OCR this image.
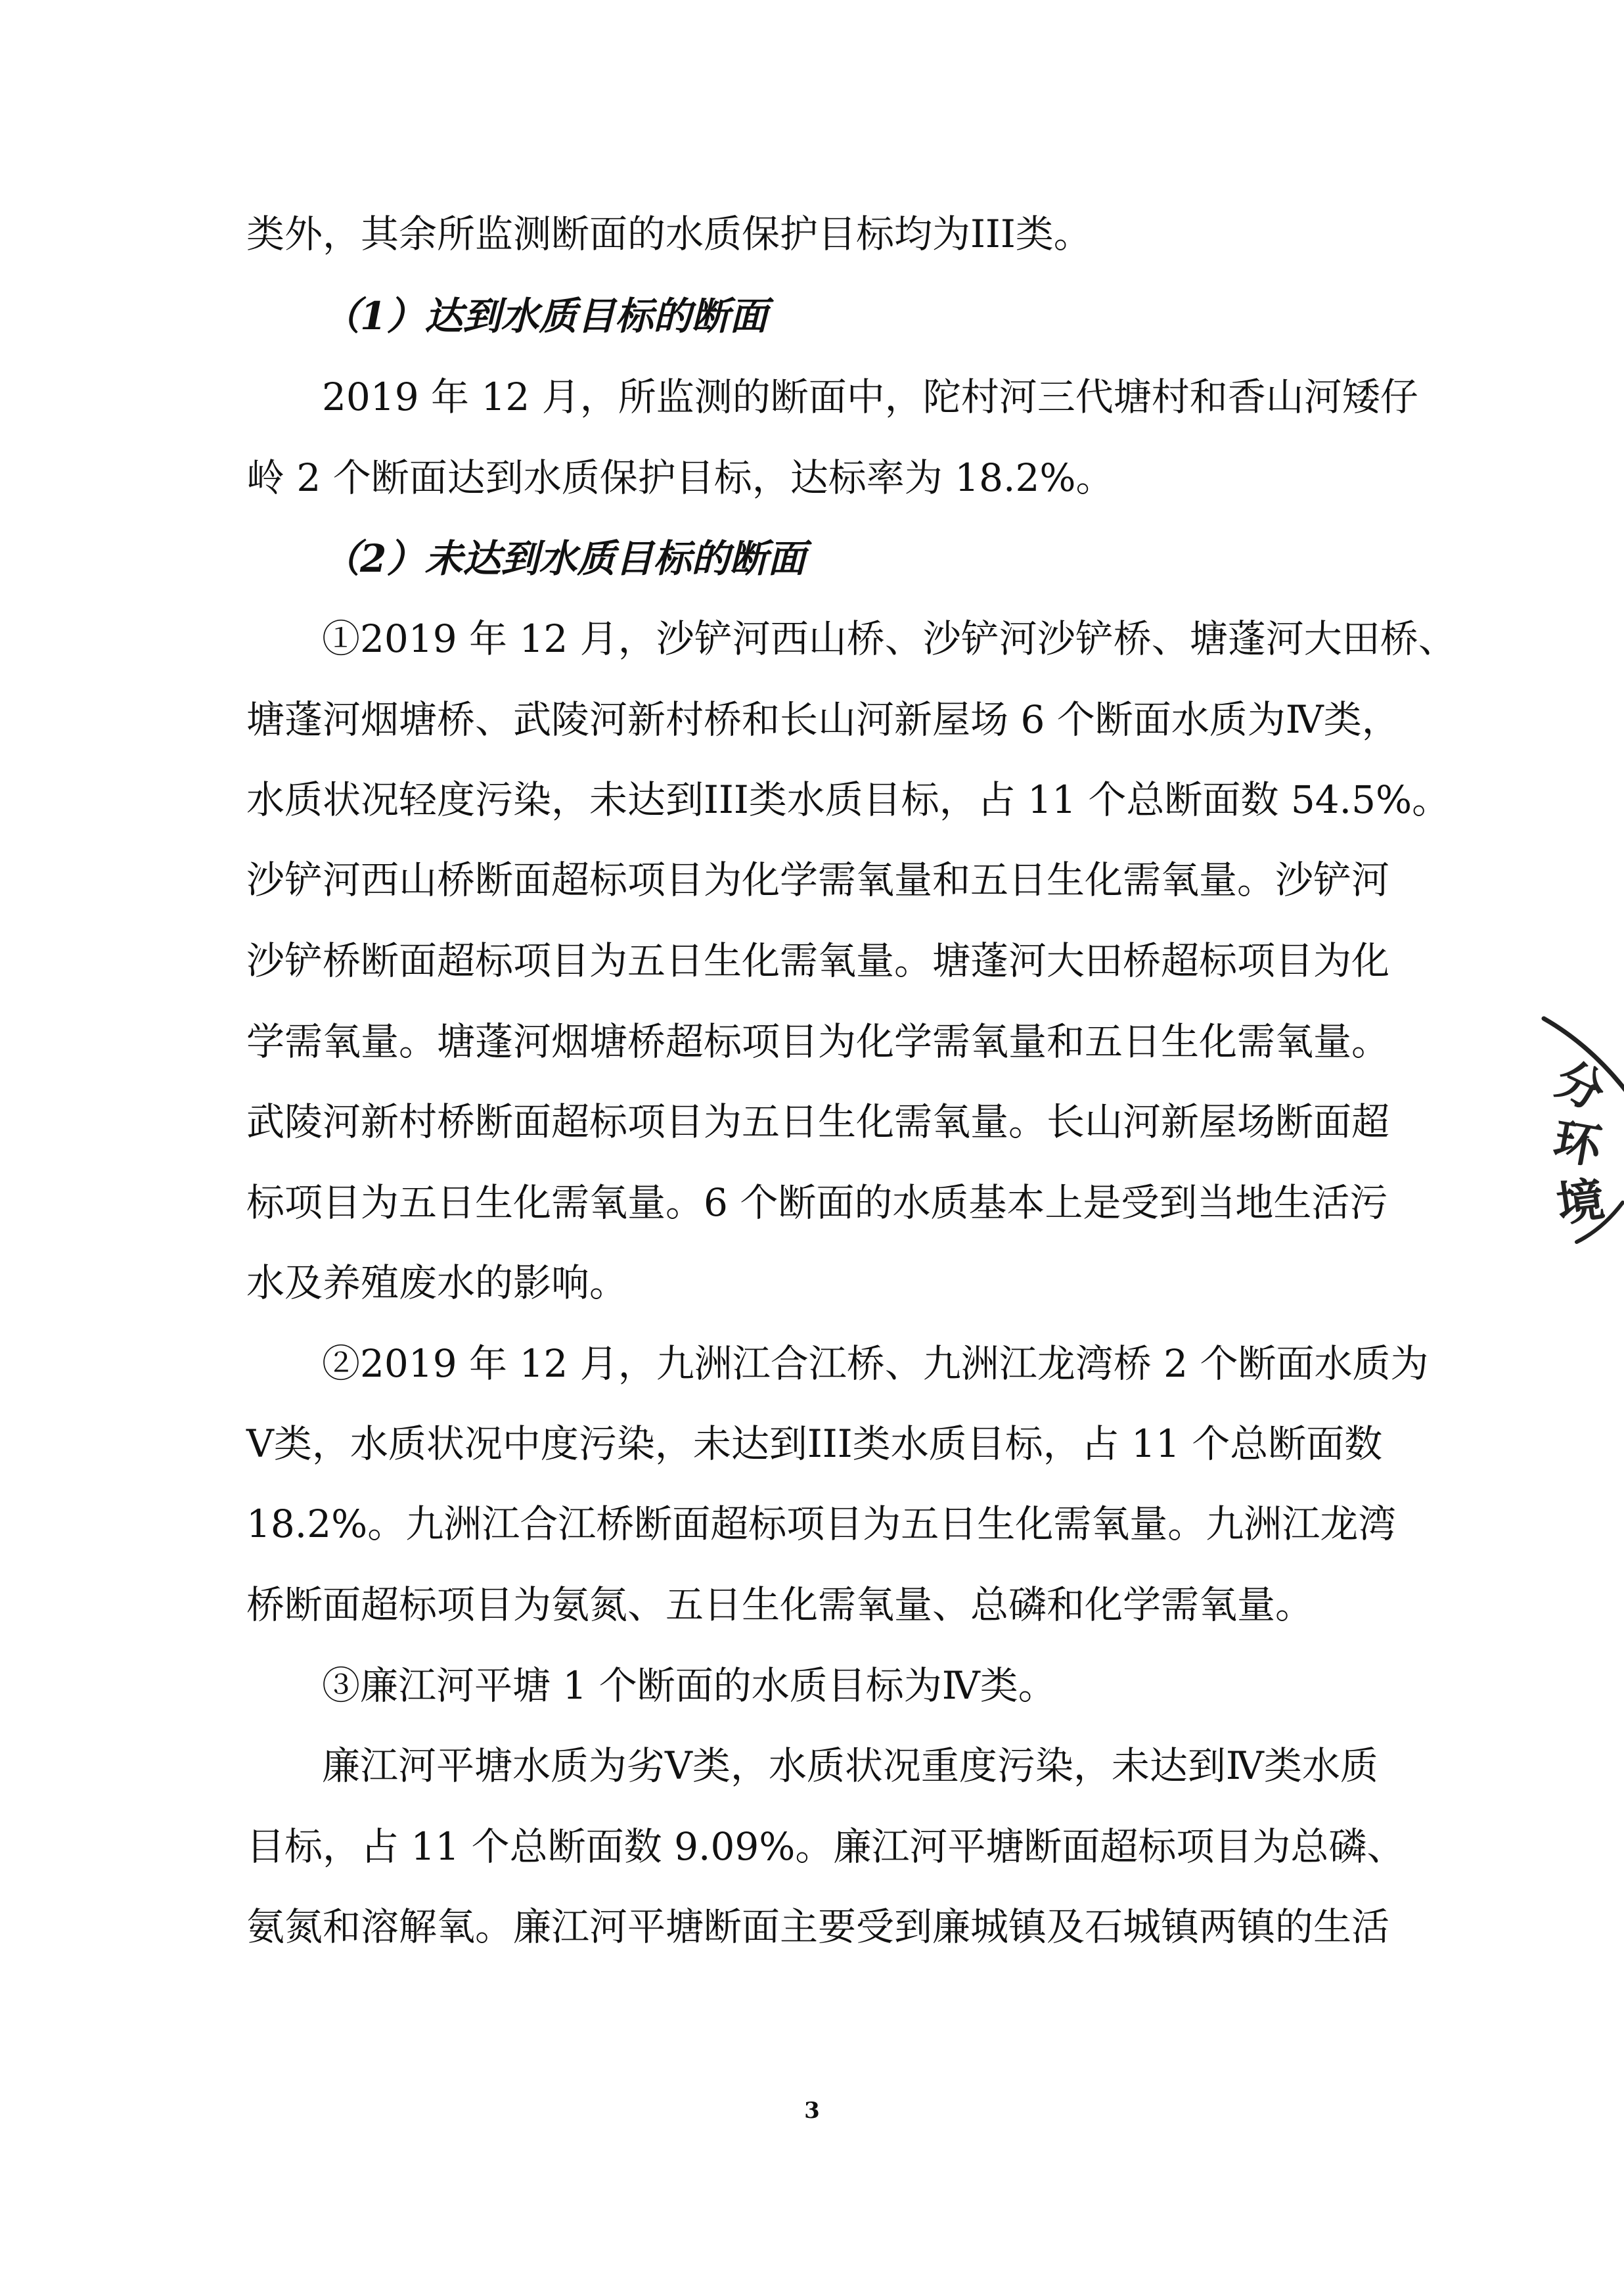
类外，其余所监测断面的水质保护目标均为III类。
（1）达到水质目标的断面
2019 年 12 月，所监测的断面中，陀村河三代塘村和香山河矮仔
岭 2 个断面达到水质保护目标，达标率为 18.2%。
（2）未达到水质目标的断面
①2019 年 12 月，沙铲河西山桥、沙铲河沙铲桥、塘蓬河大田桥、
塘蓬河烟塘桥、武陵河新村桥和长山河新屋场 6 个断面水质为Ⅳ类，
水质状况轻度污染，未达到III类水质目标，占 11 个总断面数 54.5%。
沙铲河西山桥断面超标项目为化学需氧量和五日生化需氧量。沙铲河
沙铲桥断面超标项目为五日生化需氧量。塘蓬河大田桥超标项目为化
学需氧量。塘蓬河烟塘桥超标项目为化学需氧量和五日生化需氧量。
武陵河新村桥断面超标项目为五日生化需氧量。长山河新屋场断面超
标项目为五日生化需氧量。6 个断面的水质基本上是受到当地生活污
水及养殖废水的影响。
②2019 年 12 月，九洲江合江桥、九洲江龙湾桥 2 个断面水质为
Ⅴ类，水质状况中度污染，未达到III类水质目标，占 11 个总断面数
18.2%。九洲江合江桥断面超标项目为五日生化需氧量。九洲江龙湾
桥断面超标项目为氨氮、五日生化需氧量、总磷和化学需氧量。
③廉江河平塘 1 个断面的水质目标为Ⅳ类。
廉江河平塘水质为劣Ⅴ类，水质状况重度污染，未达到Ⅳ类水质
目标，占 11 个总断面数 9.09%。廉江河平塘断面超标项目为总磷、
氨氮和溶解氧。廉江河平塘断面主要受到廉城镇及石城镇两镇的生活
3
分
环
境
